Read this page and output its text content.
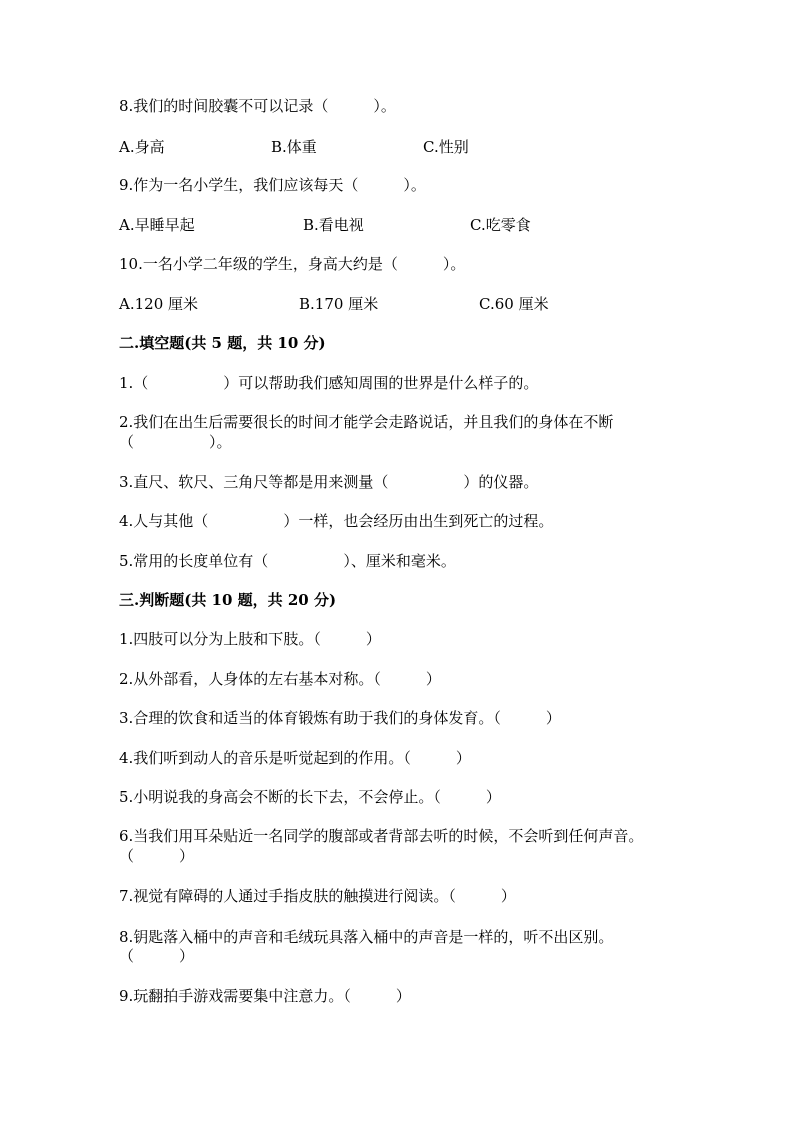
8.我们的时间胶囊不可以记录（　　　）。
A.身高	B.体重	C.性别
9.作为一名小学生，我们应该每天（　　　）。
A.早睡早起	B.看电视	C.吃零食
10.一名小学二年级的学生，身高大约是（　　　）。
A.120 厘米	B.170 厘米	C.60 厘米
二.填空题(共 5 题，共 10 分)
1.（　　　　　）可以帮助我们感知周围的世界是什么样子的。
2.我们在出生后需要很长的时间才能学会走路说话，并且我们的身体在不断
（　　　　　）。
3.直尺、软尺、三角尺等都是用来测量（　　　　　）的仪器。
4.人与其他（　　　　　）一样，也会经历由出生到死亡的过程。
5.常用的长度单位有（　　　　　）、厘米和毫米。
三.判断题(共 10 题，共 20 分)
1.四肢可以分为上肢和下肢。（　　　）
2.从外部看，人身体的左右基本对称。（　　　）
3.合理的饮食和适当的体育锻炼有助于我们的身体发育。（　　　）
4.我们听到动人的音乐是听觉起到的作用。（　　　）
5.小明说我的身高会不断的长下去，不会停止。（　　　）
6.当我们用耳朵贴近一名同学的腹部或者背部去听的时候，不会听到任何声音。
（　　　）
7.视觉有障碍的人通过手指皮肤的触摸进行阅读。（　　　）
8.钥匙落入桶中的声音和毛绒玩具落入桶中的声音是一样的，听不出区别。
（　　　）
9.玩翻拍手游戏需要集中注意力。（　　　）
